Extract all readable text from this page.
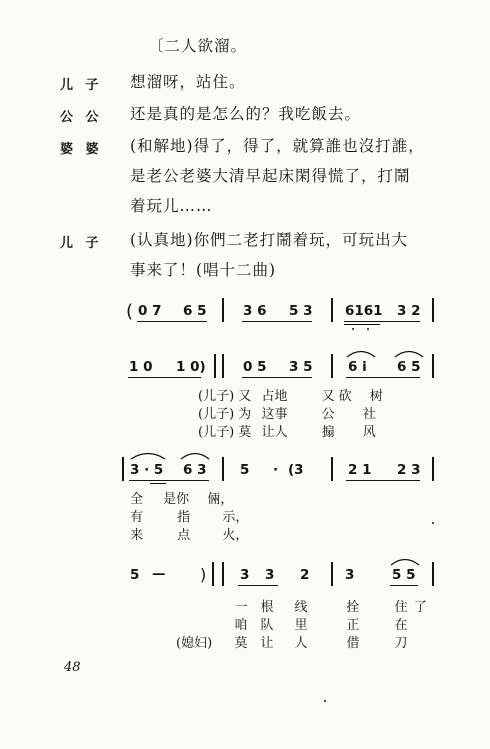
〔二人欲溜。
儿 子 想溜呀，站住。
公 公 还是真的是怎么的？我吃飯去。
婆 婆 (和解地)得了，得了，就算誰也沒打誰，
是老公老婆大清早起床閑得慌了，打鬧
着玩儿……
儿 子 (认真地)你們二老打鬧着玩，可玩出大
事来了！(唱十二曲)
( 0 7 6 5	3 6 5 3 6161 3 2
1 0 1 0)	0 5 3 5	6 i 6 5
(儿子) 又 占地	又 砍 树
(儿子) 为 这事	公 社
(儿子) 莫 让人	搧 风
3 · 5 6 3 5 · (3	2 1 2 3
全 是你 倆，
有	指 示，
来	点 火，
5 — )	3 3 2	3	5 5
一 根 线	拴	住 了
咱 队 里	正	在
(媳妇) 莫 让 人	借	刀
48
